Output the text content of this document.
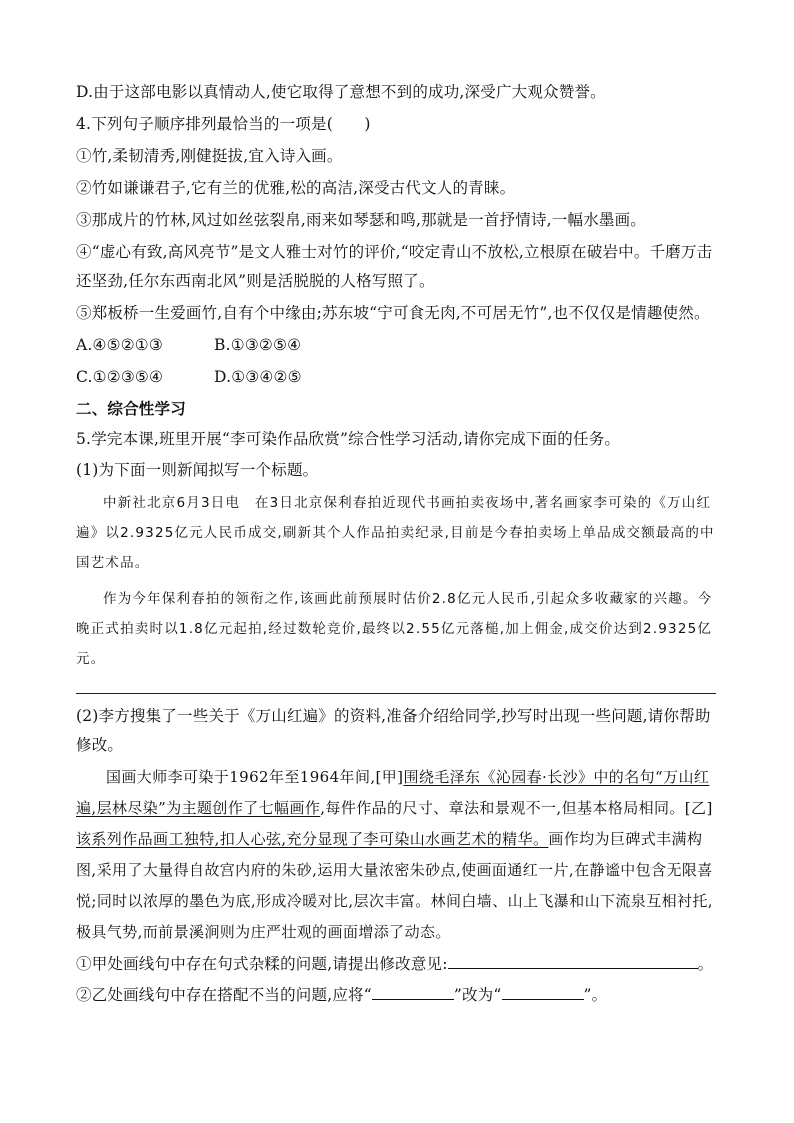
D.由于这部电影以真情动人,使它取得了意想不到的成功,深受广大观众赞誉。
4.下列句子顺序排列最恰当的一项是(　　)
①竹,柔韧清秀,刚健挺拔,宜入诗入画。
②竹如谦谦君子,它有兰的优雅,松的高洁,深受古代文人的青睐。
③那成片的竹林,风过如丝弦裂帛,雨来如琴瑟和鸣,那就是一首抒情诗,一幅水墨画。
④“虚心有致,高风亮节”是文人雅士对竹的评价,“咬定青山不放松,立根原在破岩中。千磨万击还坚劲,任尔东西南北风”则是活脱脱的人格写照了。
⑤郑板桥一生爱画竹,自有个中缘由;苏东坡“宁可食无肉,不可居无竹”,也不仅仅是情趣使然。
A.④⑤②①③	B.①③②⑤④
C.①②③⑤④	D.①③④②⑤
二、综合性学习
5.学完本课,班里开展“李可染作品欣赏”综合性学习活动,请你完成下面的任务。
(1)为下面一则新闻拟写一个标题。

中新社北京6月3日电　在3日北京保利春拍近现代书画拍卖夜场中,著名画家李可染的《万山红遍》以2.9325亿元人民币成交,刷新其个人作品拍卖纪录,目前是今春拍卖场上单品成交额最高的中国艺术品。

作为今年保利春拍的领衔之作,该画此前预展时估价2.8亿元人民币,引起众多收藏家的兴趣。今晚正式拍卖时以1.8亿元起拍,经过数轮竞价,最终以2.55亿元落槌,加上佣金,成交价达到2.9325亿元。

(2)李方搜集了一些关于《万山红遍》的资料,准备介绍给同学,抄写时出现一些问题,请你帮助修改。
国画大师李可染于1962年至1964年间,[甲]围绕毛泽东《沁园春·长沙》中的名句“万山红遍,层林尽染”为主题创作了七幅画作,每件作品的尺寸、章法和景观不一,但基本格局相同。[乙]该系列作品画工独特,扣人心弦,充分显现了李可染山水画艺术的精华。画作均为巨碑式丰满构图,采用了大量得自故宫内府的朱砂,运用大量浓密朱砂点,使画面通红一片,在静谧中包含无限喜悦;同时以浓厚的墨色为底,形成冷暖对比,层次丰富。林间白墙、山上飞瀑和山下流泉互相衬托,极具气势,而前景溪涧则为庄严壮观的画面增添了动态。
①甲处画线句中存在句式杂糅的问题,请提出修改意见:	。
②乙处画线句中存在搭配不当的问题,应将“	”改为“	”。
